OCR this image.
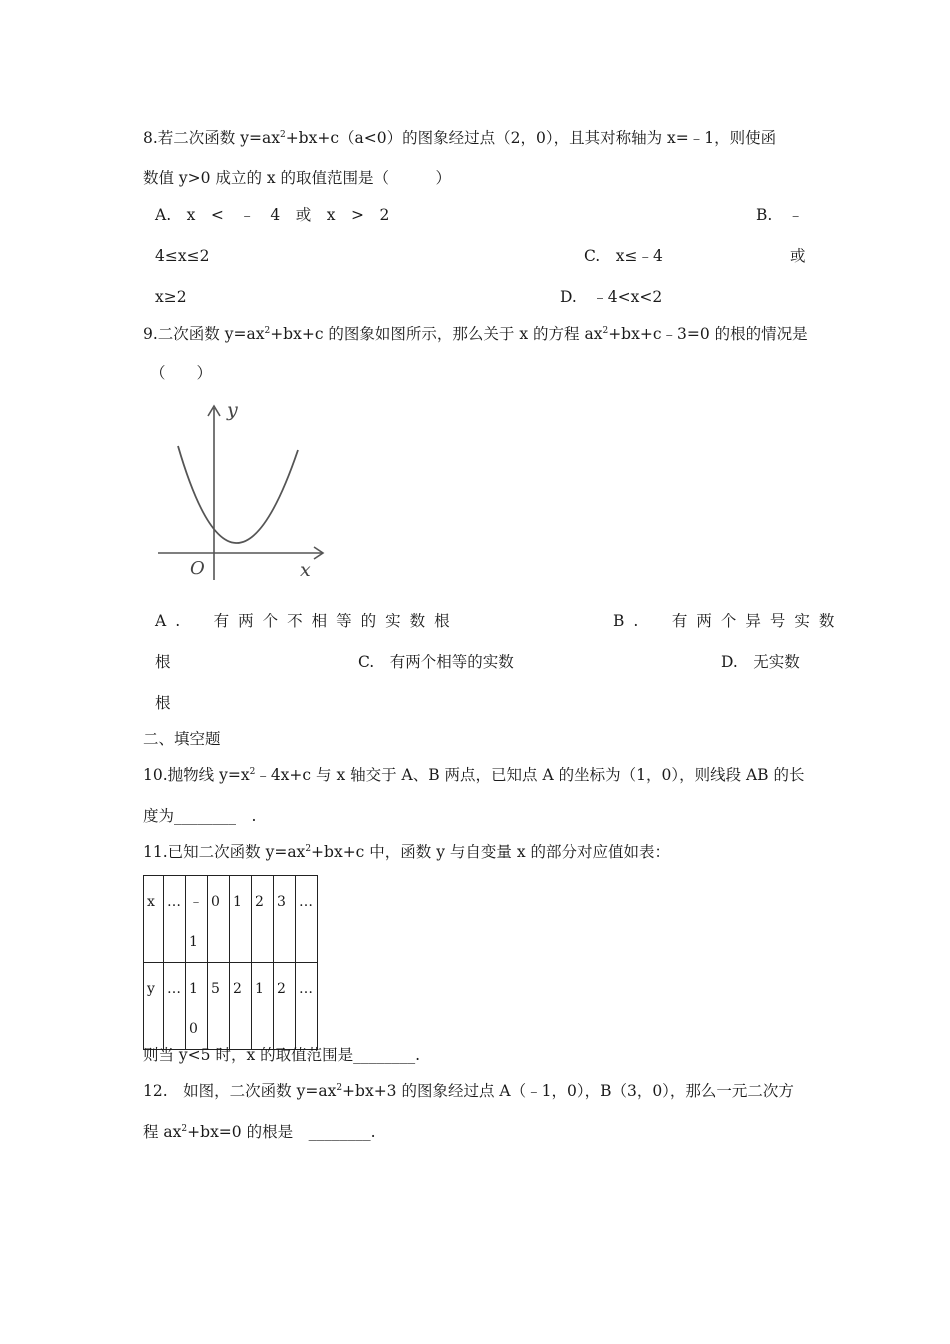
8.若二次函数 $y=ax^2+bx+c(a<0)$的图象经过点（2，0），且其对称轴为 x=﹣1，则使函
数值 y>0 成立的 x 的取值范围是（　　　）
A.　x　<　﹣　4　或　x　>　2	B.　﹣
4≤x≤2	C.　x≤﹣4	或
x≥2	D.　﹣4<x<2
9.二次函数 $y=ax^2+bx+c$ 的图象如图所示，那么关于 x 的方程 $ax^2+bx+c﹣3=0$ 的根的情况是
（　　）
y
x
O
A.　有两个不相等的实数根	B.　有两个异号实数
根	C.　有两个相等的实数	D.　无实数
根
二、填空题
10.抛物线 $y=x^2﹣4x+c$ 与 x 轴交于 A、B 两点，已知点 A 的坐标为（1，0），则线段 AB 的长
度为________　.
11.已知二次函数 $y=ax^2+bx+c$ 中，函数 y 与自变量 x 的部分对应值如表：
x	…	﹣1	0	1	2	3	…
y	…	10	5	2	1	2	…
则当 y<5 时，x 的取值范围是________.
12.　如图，二次函数 $y=ax^2+bx+3$ 的图象经过点 A（﹣1，0），B（3，0），那么一元二次方
程 $ax^2+bx=0$ 的根是　________.
